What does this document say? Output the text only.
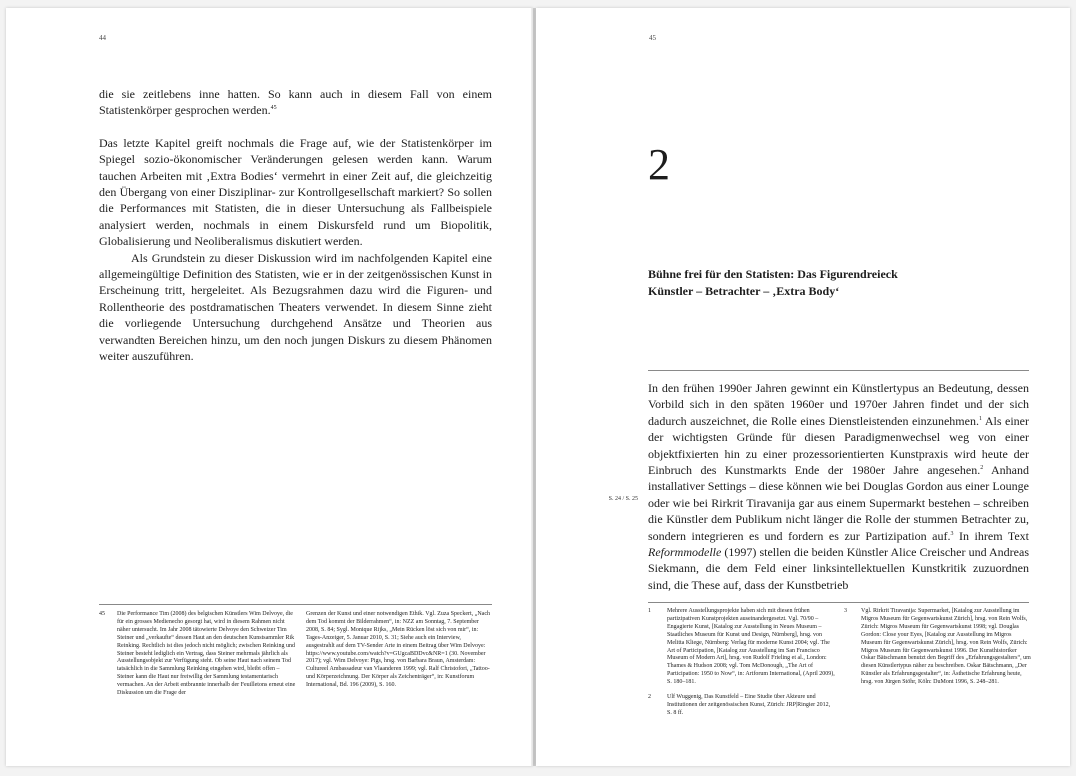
44

die sie zeitlebens inne hatten. So kann auch in diesem Fall von einem Statistenkörper gesprochen werden.$^{45}$

Das letzte Kapitel greift nochmals die Frage auf, wie der Statistenkörper im Spiegel sozio-ökonomischer Veränderungen gelesen werden kann. Warum tauchen Arbeiten mit ‚Extra Bodies‘ vermehrt in einer Zeit auf, die gleichzeitig den Übergang von einer Disziplinar- zur Kontrollgesellschaft markiert? So sollen die Performances mit Statisten, die in dieser Untersuchung als Fallbeispiele analysiert werden, nochmals in einem Diskursfeld rund um Biopolitik, Globalisierung und Neoliberalismus diskutiert werden.

Als Grundstein zu dieser Diskussion wird im nachfolgenden Kapitel eine allgemeingültige Definition des Statisten, wie er in der zeitgenössischen Kunst in Erscheinung tritt, hergeleitet. Als Bezugsrahmen dazu wird die Figuren- und Rollentheorie des postdramatischen Theaters verwendet. In diesem Sinne zieht die vorliegende Untersuchung durchgehend Ansätze und Theorien aus verwandten Bereichen hinzu, um den noch jungen Diskurs zu diesem Phänomen weiter auszuführen.

45 Die Performance Tim (2008) des belgischen Künstlers Wim Delvoye, die für ein grosses Medienecho gesorgt hat, wird in diesem Rahmen nicht näher untersucht. Im Jahr 2008 tätowierte Delvoye den Schweizer Tim Steiner und „verkaufte“ dessen Haut an den deutschen Kunstsammler Rik Reinking. Rechtlich ist dies jedoch nicht möglich; zwischen Reinking und Steiner besteht lediglich ein Vertrag, dass Steiner mehrmals jährlich als Ausstellungsobjekt zur Verfügung steht. Ob seine Haut nach seinem Tod tatsächlich in die Sammlung Reinking eingehen wird, bleibt offen – Steiner kann die Haut nur freiwillig der Sammlung testamentarisch vermachen. An der Arbeit entbrannte innerhalb der Feuilletons erneut eine Diskussion um die Frage der
Grenzen der Kunst und einer notwendigen Ethik. Vgl. Zuza Speckert, „Nach dem Tod kommt der Bilderrahmen“, in: NZZ am Sonntag, 7. September 2008, S. 84; Sygl. Monique Rijks, „Mein Rücken löst sich von mir“, in: Tages-Anzeiger, 5. Januar 2010, S. 31; Siehe auch ein Interview, ausgestrahlt auf dem TV-Sender Arte in einem Beitrag über Wim Delvoye: https://www.youtube.com/watch?v=GUgcaBDDvc&NR=1 (30. November 2017); vgl. Wim Delvoye: Pigs, hrsg. von Barbara Braun, Amsterdam: Cultureel Ambassadeur van Vlaanderen 1999; vgl. Ralf Christofori, „Tattoo- und Körperzeichnung. Der Körper als Zeichenträger“, in: Kunstforum International, Bd. 196 (2009), S. 160.
45
2
Bühne frei für den Statisten: Das Figurendreieck
Künstler – Betrachter – ‚Extra Body‘
S. 24 / S. 25

In den frühen 1990er Jahren gewinnt ein Künstlertypus an Bedeutung, dessen Vorbild sich in den späten 1960er und 1970er Jahren findet und der sich dadurch auszeichnet, die Rolle eines Dienstleistenden einzunehmen.$^1$ Als einer der wichtigsten Gründe für diesen Paradigmenwechsel weg von einer objektfixierten hin zu einer prozessorientierten Kunstpraxis wird heute der Einbruch des Kunstmarkts Ende der 1980er Jahre angesehen.$^2$ Anhand installativer Settings – diese können wie bei Douglas Gordon aus einer Lounge oder wie bei Rirkrit Tiravanija gar aus einem Supermarkt bestehen – schreiben die Künstler dem Publikum nicht länger die Rolle der stummen Betrachter zu, sondern integrieren es und fordern es zur Partizipation auf.$^3$ In ihrem Text Reformmodelle (1997) stellen die beiden Künstler Alice Creischer und Andreas Siekmann, die dem Feld einer linksintellektuellen Kunstkritik zuzuordnen sind, die These auf, dass der Kunstbetrieb

1	Mehrere Ausstellungsprojekte haben sich mit diesen frühen partizipativen Kunstprojekten auseinandergesetzt. Vgl. 70/90 – Engagierte Kunst, [Katalog zur Ausstellung in Neues Museum – Staatliches Museum für Kunst und Design, Nürnberg], hrsg. von Melitta Kliege, Nürnberg: Verlag für moderne Kunst 2004; vgl. The Art of Participation, [Katalog zur Ausstellung im San Francisco Museum of Modern Art], hrsg. von Rudolf Frieling et al., London: Thames & Hudson 2008; vgl. Tom McDonough, „The Art of Participation: 1950 to Now“, in: Artforum International, (April 2009), S. 180–181.
2	Ulf Wuggenig, Das Kunstfeld – Eine Studie über Akteure und Institutionen der zeitgenössischen Kunst, Zürich: JRP|Ringier 2012, S. 8 ff.
3 Vgl. Rirkrit Tiravanija: Supermarket, [Katalog zur Ausstellung im Migros Museum für Gegenwartskunst Zürich], hrsg. von Rein Wolfs, Zürich: Migros Museum für Gegenwartskunst 1998; vgl. Douglas Gordon: Close your Eyes, [Katalog zur Ausstellung im Migros Museum für Gegenwartskunst Zürich], hrsg. von Rein Wolfs, Zürich: Migros Museum für Gegenwartskunst 1996. Der Kunsthistoriker Oskar Bätschmann benutzt den Begriff des „Erfahrungsgestalters“, um diesen Künstlertypus näher zu beschreiben. Oskar Bätschmann, „Der Künstler als Erfahrungsgestalter“, in: Ästhetische Erfahrung heute, hrsg. von Jürgen Stöhr, Köln: DuMont 1996, S. 248–281.
